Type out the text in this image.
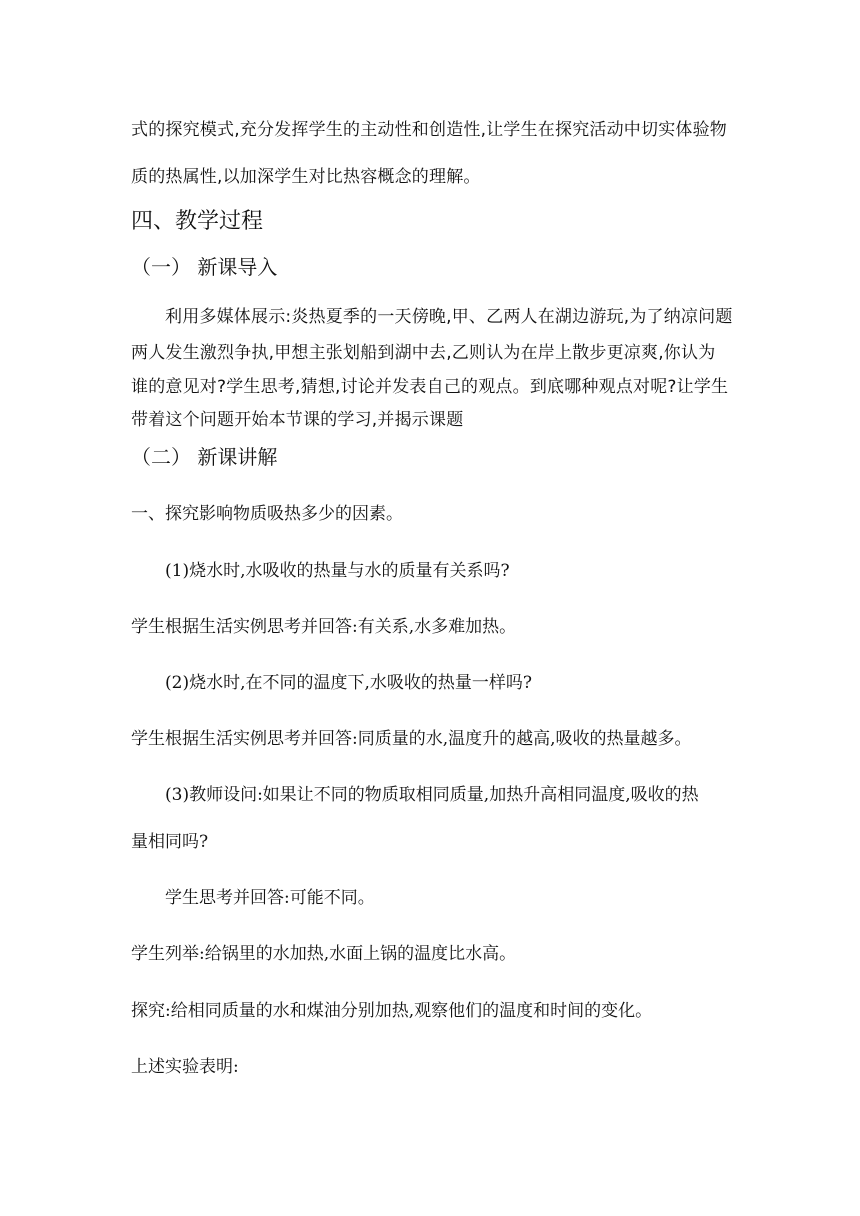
式的探究模式,充分发挥学生的主动性和创造性,让学生在探究活动中切实体验物
质的热属性,以加深学生对比热容概念的理解。
四、教学过程
（一） 新课导入
利用多媒体展示:炎热夏季的一天傍晚,甲、乙两人在湖边游玩,为了纳凉问题
两人发生激烈争执,甲想主张划船到湖中去,乙则认为在岸上散步更凉爽,你认为
谁的意见对?学生思考,猜想,讨论并发表自己的观点。到底哪种观点对呢?让学生
带着这个问题开始本节课的学习,并揭示课题
（二） 新课讲解
一、探究影响物质吸热多少的因素。
(1)烧水时,水吸收的热量与水的质量有关系吗?
学生根据生活实例思考并回答:有关系,水多难加热。
(2)烧水时,在不同的温度下,水吸收的热量一样吗?
学生根据生活实例思考并回答:同质量的水,温度升的越高,吸收的热量越多。
(3)教师设问:如果让不同的物质取相同质量,加热升高相同温度,吸收的热
量相同吗?
学生思考并回答:可能不同。
学生列举:给锅里的水加热,水面上锅的温度比水高。
探究:给相同质量的水和煤油分别加热,观察他们的温度和时间的变化。
上述实验表明:
